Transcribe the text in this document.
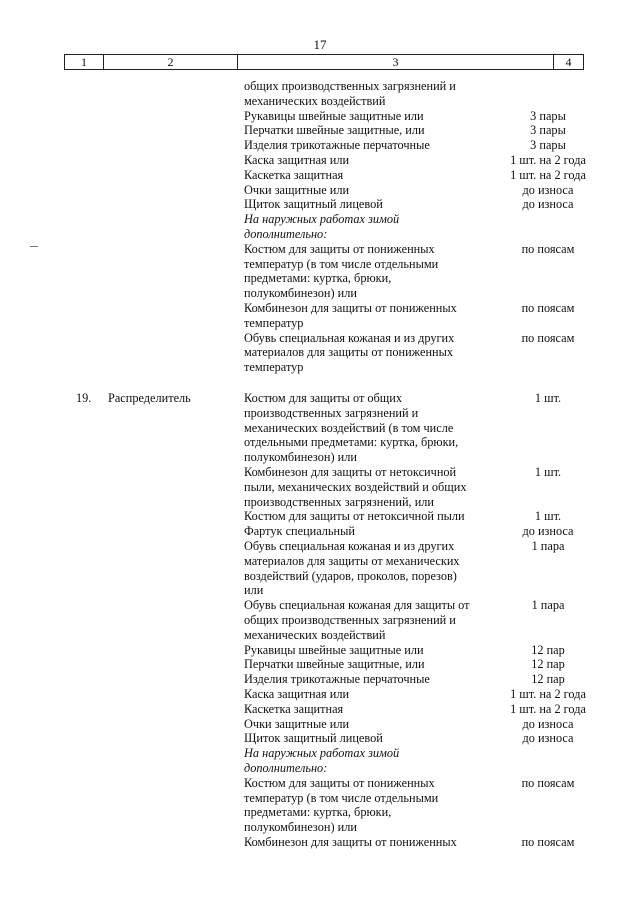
17
1	2	3	4
общих производственных загрязнений и
механических воздействий
Рукавицы швейные защитные или	3 пары
Перчатки швейные защитные, или	3 пары
Изделия трикотажные перчаточные	3 пары
Каска защитная или	1 шт. на 2 года
Каскетка защитная	1 шт. на 2 года
Очки защитные или	до износа
Щиток защитный лицевой	до износа
На наружных работах зимой
дополнительно:
Костюм для защиты от пониженных	по поясам
температур (в том числе отдельными
предметами: куртка, брюки,
полукомбинезон) или
Комбинезон для защиты от пониженных	по поясам
температур
Обувь специальная кожаная и из других	по поясам
материалов для защиты от пониженных
температур
19. Распределитель	Костюм для защиты от общих	1 шт.
производственных загрязнений и
механических воздействий (в том числе
отдельными предметами: куртка, брюки,
полукомбинезон) или
Комбинезон для защиты от нетоксичной	1 шт.
пыли, механических воздействий и общих
производственных загрязнений, или
Костюм для защиты от нетоксичной пыли	1 шт.
Фартук специальный	до износа
Обувь специальная кожаная и из других	1 пара
материалов для защиты от механических
воздействий (ударов, проколов, порезов)
или
Обувь специальная кожаная для защиты от	1 пара
общих производственных загрязнений и
механических воздействий
Рукавицы швейные защитные или	12 пар
Перчатки швейные защитные, или	12 пар
Изделия трикотажные перчаточные	12 пар
Каска защитная или	1 шт. на 2 года
Каскетка защитная	1 шт. на 2 года
Очки защитные или	до износа
Щиток защитный лицевой	до износа
На наружных работах зимой
дополнительно:
Костюм для защиты от пониженных	по поясам
температур (в том числе отдельными
предметами: куртка, брюки,
полукомбинезон) или
Комбинезон для защиты от пониженных	по поясам
